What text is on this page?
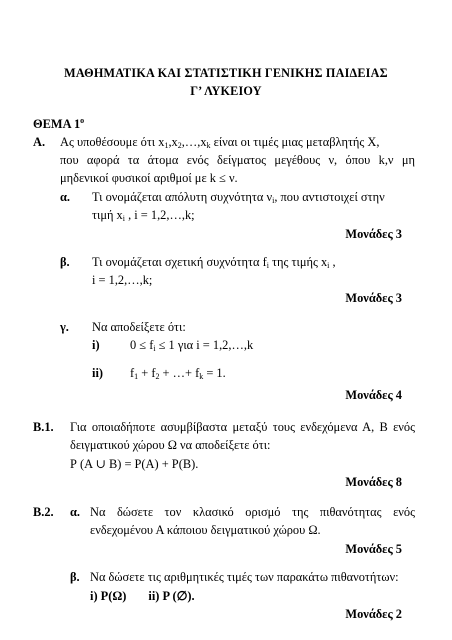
ΜΑΘΗΜΑΤΙΚΑ ΚΑΙ ΣΤΑΤΙΣΤΙΚΗ ΓΕΝΙΚΗΣ ΠΑΙΔΕΙΑΣ
Γ’ ΛΥΚΕΙΟΥ
ΘΕΜΑ $1^o$
Α. Ας υποθέσουμε ότι $x_1,x_2,\dots,x_k$ είναι οι τιμές μιας μεταβλητής Χ,
που αφορά τα άτομα ενός δείγματος μεγέθους ν, όπου k,ν μη
μηδενικοί φυσικοί αριθμοί με k ≤ ν.
α. Τι ονομάζεται απόλυτη συχνότητα $\nu_i$, που αντιστοιχεί στην
τιμή $x_i$ , i = 1,2,…,k;
Μονάδες 3
β. Τι ονομάζεται σχετική συχνότητα $f_i$ της τιμής $x_i$ ,
i = 1,2,…,k;
Μονάδες 3
γ. Να αποδείξετε ότι:
i) $0 \le f_i \le 1$ για i = 1,2,…,k
ii) $f_1 + f_2$ + …+ $f_k = 1$.
Μονάδες 4
Β.1. Για οποιαδήποτε ασυμβίβαστα μεταξύ τους ενδεχόμενα Α, Β ενός
δειγματικού χώρου Ω να αποδείξετε ότι:
Ρ (Α ∪ Β) = Ρ(Α) + Ρ(Β).
Μονάδες 8
Β.2. α. Να δώσετε τον κλασικό ορισμό της πιθανότητας ενός
ενδεχομένου Α κάποιου δειγματικού χώρου Ω.
Μονάδες 5
β. Να δώσετε τις αριθμητικές τιμές των παρακάτω πιθανοτήτων:
i) Ρ(Ω) ii) Ρ (∅).
Μονάδες 2
